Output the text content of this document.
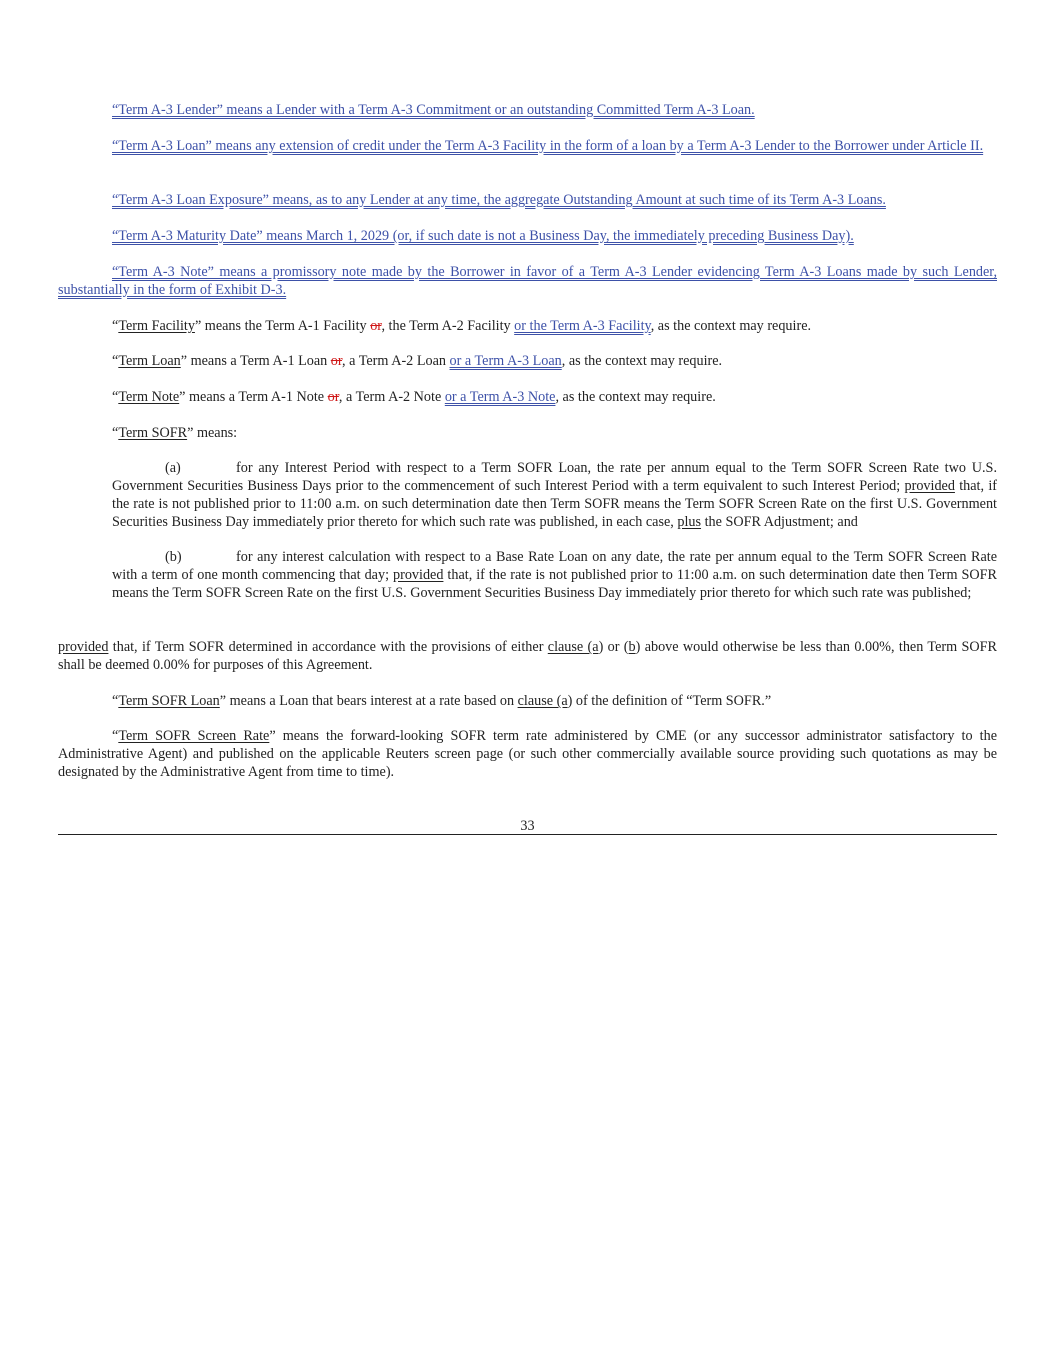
“Term A-3 Lender” means a Lender with a Term A-3 Commitment or an outstanding Committed Term A-3 Loan.

“Term A-3 Loan” means any extension of credit under the Term A-3 Facility in the form of a loan by a Term A-3 Lender to the Borrower under Article II.

“Term A-3 Loan Exposure” means, as to any Lender at any time, the aggregate Outstanding Amount at such time of its Term A-3 Loans.

“Term A-3 Maturity Date” means March 1, 2029 (or, if such date is not a Business Day, the immediately preceding Business Day).

“Term A-3 Note” means a promissory note made by the Borrower in favor of a Term A-3 Lender evidencing Term A-3 Loans made by such Lender, substantially in the form of Exhibit D-3.

“Term Facility” means the Term A-1 Facility or, the Term A-2 Facility or the Term A-3 Facility, as the context may require.

“Term Loan” means a Term A-1 Loan or, a Term A-2 Loan or a Term A-3 Loan, as the context may require.

“Term Note” means a Term A-1 Note or, a Term A-2 Note or a Term A-3 Note, as the context may require.

“Term SOFR” means:

(a)	for any Interest Period with respect to a Term SOFR Loan, the rate per annum equal to the Term SOFR Screen Rate two U.S. Government Securities Business Days prior to the commencement of such Interest Period with a term equivalent to such Interest Period; provided that, if the rate is not published prior to 11:00 a.m. on such determination date then Term SOFR means the Term SOFR Screen Rate on the first U.S. Government Securities Business Day immediately prior thereto for which such rate was published, in each case, plus the SOFR Adjustment; and

(b)	for any interest calculation with respect to a Base Rate Loan on any date, the rate per annum equal to the Term SOFR Screen Rate with a term of one month commencing that day; provided that, if the rate is not published prior to 11:00 a.m. on such determination date then Term SOFR means the Term SOFR Screen Rate on the first U.S. Government Securities Business Day immediately prior thereto for which such rate was published;

provided that, if Term SOFR determined in accordance with the provisions of either clause (a) or (b) above would otherwise be less than 0.00%, then Term SOFR shall be deemed 0.00% for purposes of this Agreement.

“Term SOFR Loan” means a Loan that bears interest at a rate based on clause (a) of the definition of “Term SOFR.”

“Term SOFR Screen Rate” means the forward-looking SOFR term rate administered by CME (or any successor administrator satisfactory to the Administrative Agent) and published on the applicable Reuters screen page (or such other commercially available source providing such quotations as may be designated by the Administrative Agent from time to time).

33
